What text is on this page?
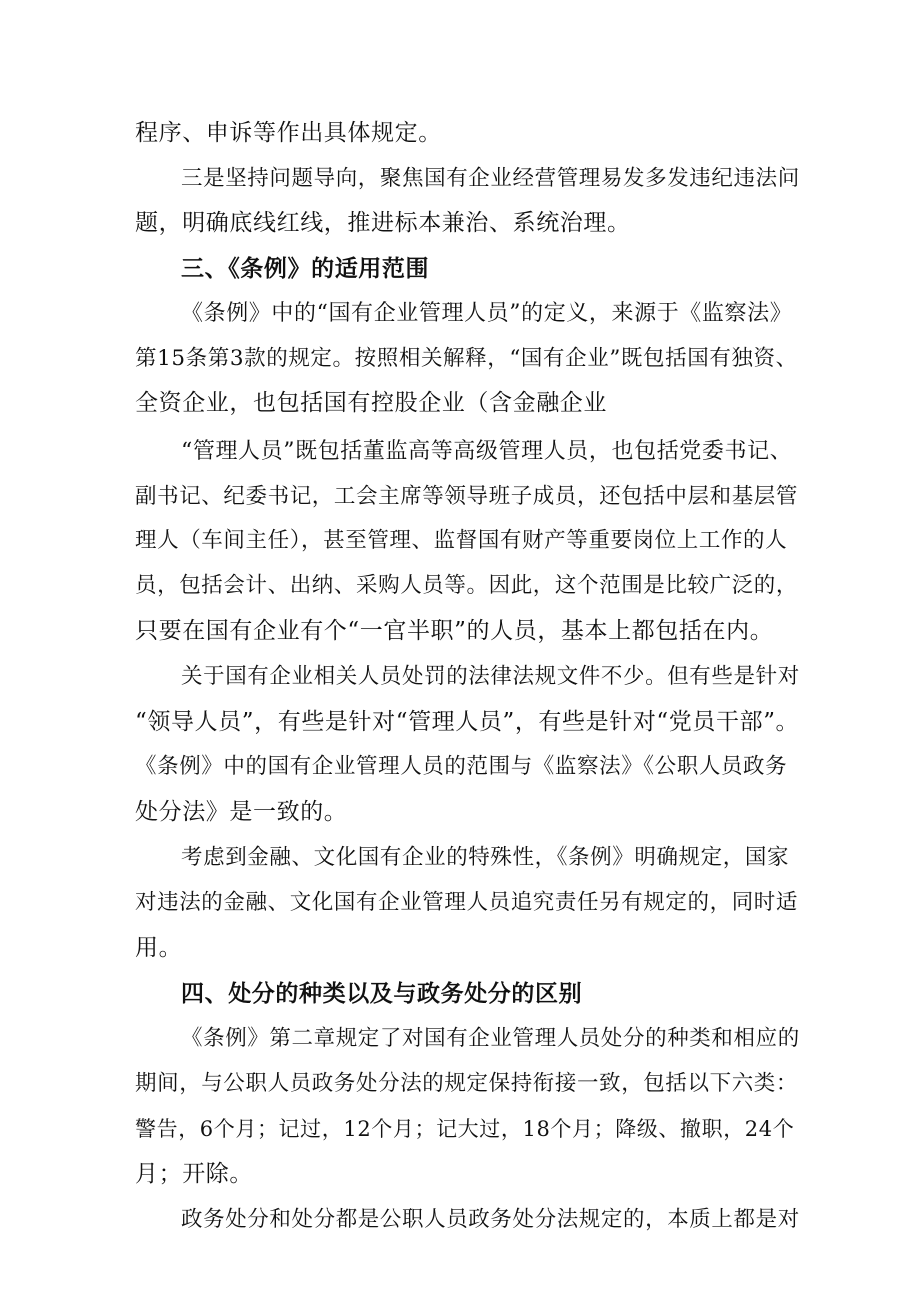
程序、申诉等作出具体规定。
三是坚持问题导向，聚焦国有企业经营管理易发多发违纪违法问
题，明确底线红线，推进标本兼治、系统治理。
三、《条例》的适用范围
《条例》中的“国有企业管理人员”的定义，来源于《监察法》
第15条第3款的规定。按照相关解释，“国有企业”既包括国有独资、
全资企业，也包括国有控股企业（含金融企业
“管理人员”既包括董监高等高级管理人员，也包括党委书记、
副书记、纪委书记，工会主席等领导班子成员，还包括中层和基层管
理人（车间主任），甚至管理、监督国有财产等重要岗位上工作的人
员，包括会计、出纳、采购人员等。因此，这个范围是比较广泛的，
只要在国有企业有个“一官半职”的人员，基本上都包括在内。
关于国有企业相关人员处罚的法律法规文件不少。但有些是针对
“领导人员”，有些是针对“管理人员”，有些是针对“党员干部”。
《条例》中的国有企业管理人员的范围与《监察法》《公职人员政务
处分法》是一致的。
考虑到金融、文化国有企业的特殊性，《条例》明确规定，国家
对违法的金融、文化国有企业管理人员追究责任另有规定的，同时适
用。
四、处分的种类以及与政务处分的区别
《条例》第二章规定了对国有企业管理人员处分的种类和相应的
期间，与公职人员政务处分法的规定保持衔接一致，包括以下六类：
警告，6个月；记过，12个月；记大过，18个月；降级、撤职，24个
月；开除。
政务处分和处分都是公职人员政务处分法规定的，本质上都是对
